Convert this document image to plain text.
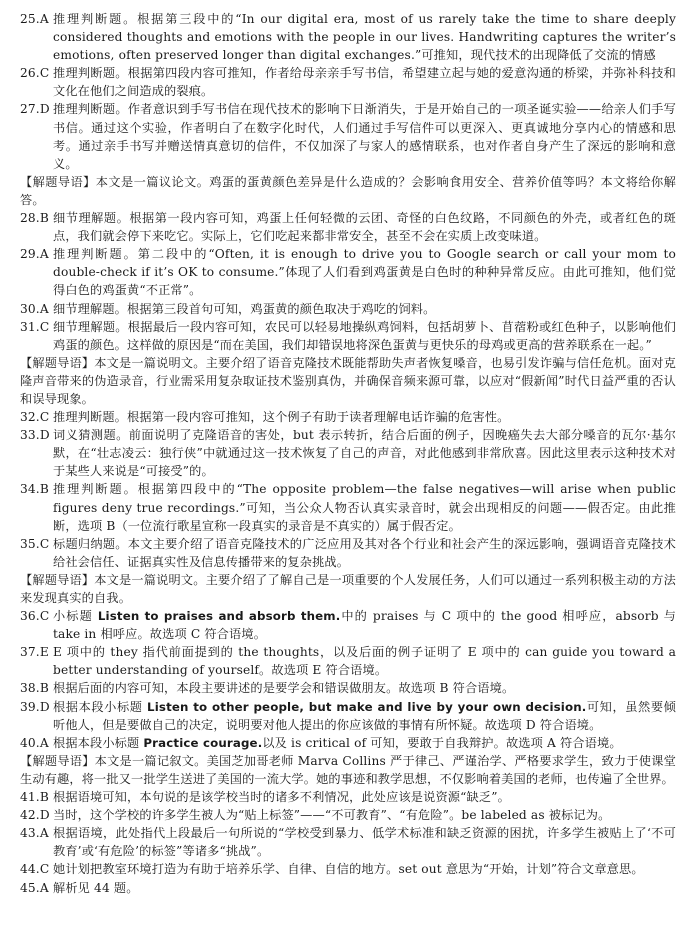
25.A 推理判断题。根据第三段中的“In our digital era, most of us rarely take the time to share deeply considered thoughts and emotions with the people in our lives. Handwriting captures the writer’s emotions, often preserved longer than digital exchanges.”可推知，现代技术的出现降低了交流的情感
26.C 推理判断题。根据第四段内容可推知，作者给母亲亲手写书信，希望建立起与她的爱意沟通的桥梁，并弥补科技和文化在他们之间造成的裂痕。
27.D 推理判断题。作者意识到手写书信在现代技术的影响下日渐消失，于是开始自己的一项圣诞实验——给亲人们手写书信。通过这个实验，作者明白了在数字化时代，人们通过手写信件可以更深入、更真诚地分享内心的情感和思考。通过亲手书写并赠送情真意切的信件，不仅加深了与家人的感情联系，也对作者自身产生了深远的影响和意义。
【解题导语】本文是一篇议论文。鸡蛋的蛋黄颜色差异是什么造成的？会影响食用安全、营养价值等吗？本文将给你解答。
28.B 细节理解题。根据第一段内容可知，鸡蛋上任何轻微的云团、奇怪的白色纹路，不同颜色的外壳，或者红色的斑点，我们就会停下来吃它。实际上，它们吃起来都非常安全，甚至不会在实质上改变味道。
29.A 推理判断题。第二段中的“Often, it is enough to drive you to Google search or call your mom to double-check if it’s OK to consume.”体现了人们看到鸡蛋黄是白色时的种种异常反应。由此可推知，他们觉得白色的鸡蛋黄“不正常”。
30.A 细节理解题。根据第三段首句可知，鸡蛋黄的颜色取决于鸡吃的饲料。
31.C 细节理解题。根据最后一段内容可知，农民可以轻易地操纵鸡饲料，包括胡萝卜、苜蓿粉或红色种子，以影响他们鸡蛋的颜色。这样做的原因是“而在美国，我们却错误地将深色蛋黄与更快乐的母鸡或更高的营养联系在一起。”
【解题导语】本文是一篇说明文。主要介绍了语音克隆技术既能帮助失声者恢复嗓音，也易引发诈骗与信任危机。面对克隆声音带来的伪造录音，行业需采用复杂取证技术鉴别真伪，并确保音频来源可靠，以应对“假新闻”时代日益严重的否认和误导现象。
32.C 推理判断题。根据第一段内容可推知，这个例子有助于读者理解电话诈骗的危害性。
33.D 词义猜测题。前面说明了克隆语音的害处，but 表示转折，结合后面的例子，因晚癌失去大部分嗓音的瓦尔·基尔默，在“壮志凌云：独行侠”中就通过这一技术恢复了自己的声音，对此他感到非常欣喜。因此这里表示这种技术对于某些人来说是“可接受”的。
34.B 推理判断题。根据第四段中的“The opposite problem—the false negatives—will arise when public figures deny true recordings.”可知，当公众人物否认真实录音时，就会出现相反的问题——假否定。由此推断，选项 B（一位流行歌星宣称一段真实的录音是不真实的）属于假否定。
35.C 标题归纳题。本文主要介绍了语音克隆技术的广泛应用及其对各个行业和社会产生的深远影响，强调语音克隆技术给社会信任、证据真实性及信息传播带来的复杂挑战。
【解题导语】本文是一篇说明文。主要介绍了了解自己是一项重要的个人发展任务，人们可以通过一系列积极主动的方法来发现真实的自我。
36.C 小标题 Listen to praises and absorb them.中的 praises 与 C 项中的 the good 相呼应，absorb 与 take in 相呼应。故选项 C 符合语境。
37.E E 项中的 they 指代前面提到的 the thoughts，以及后面的例子证明了 E 项中的 can guide you toward a better understanding of yourself。故选项 E 符合语境。
38.B 根据后面的内容可知，本段主要讲述的是要学会和错误做朋友。故选项 B 符合语境。
39.D 根据本段小标题 Listen to other people, but make and live by your own decision.可知，虽然要倾听他人，但是要做自己的决定，说明要对他人提出的你应该做的事情有所怀疑。故选项 D 符合语境。
40.A 根据本段小标题 Practice courage.以及 is critical of 可知，要敢于自我辩护。故选项 A 符合语境。
【解题导语】本文是一篇记叙文。美国芝加哥老师 Marva Collins 严于律己、严谨治学、严格要求学生，致力于使课堂生动有趣，将一批又一批学生送进了美国的一流大学。她的事迹和教学思想，不仅影响着美国的老师，也传遍了全世界。
41.B 根据语境可知，本句说的是该学校当时的诸多不利情况，此处应该是说资源“缺乏”。
42.D 当时，这个学校的许多学生被人为“贴上标签”——“不可教育”、“有危险”。be labeled as 被标记为。
43.A 根据语境，此处指代上段最后一句所说的“学校受到暴力、低学术标准和缺乏资源的困扰，许多学生被贴上了‘不可教育’或‘有危险’的标签”等诸多“挑战”。
44.C 她计划把教室环境打造为有助于培养乐学、自律、自信的地方。set out 意思为“开始，计划”符合文章意思。
45.A 解析见 44 题。
